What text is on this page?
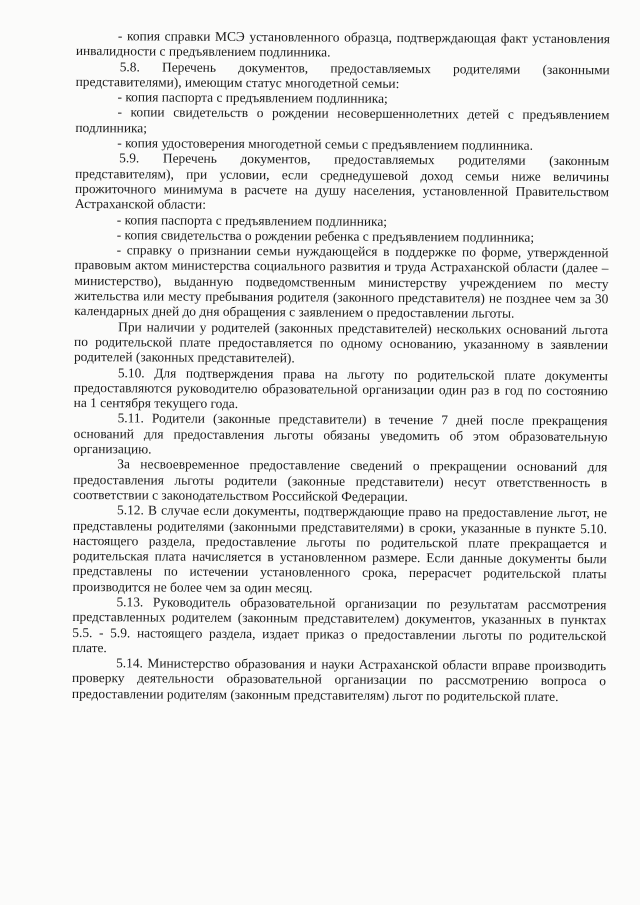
- копия справки МСЭ установленного образца, подтверждающая факт установления инвалидности с предъявлением подлинника.

5.8. Перечень документов, предоставляемых родителями (законными представителями), имеющим статус многодетной семьи:

- копия паспорта с предъявлением подлинника;

- копии свидетельств о рождении несовершеннолетних детей с предъявлением подлинника;

- копия удостоверения многодетной семьи с предъявлением подлинника.

5.9. Перечень документов, предоставляемых родителями (законным представителям), при условии, если среднедушевой доход семьи ниже величины прожиточного минимума в расчете на душу населения, установленной Правительством Астраханской области:

- копия паспорта с предъявлением подлинника;

- копия свидетельства о рождении ребенка с предъявлением подлинника;

- справку о признании семьи нуждающейся в поддержке по форме, утвержденной правовым актом министерства социального развития и труда Астраханской области (далее – министерство), выданную подведомственным министерству учреждением по месту жительства или месту пребывания родителя (законного представителя) не позднее чем за 30 календарных дней до дня обращения с заявлением о предоставлении льготы.

При наличии у родителей (законных представителей) нескольких оснований льгота по родительской плате предоставляется по одному основанию, указанному в заявлении родителей (законных представителей).

5.10. Для подтверждения права на льготу по родительской плате документы предоставляются руководителю образовательной организации один раз в год по состоянию на 1 сентября текущего года.

5.11. Родители (законные представители) в течение 7 дней после прекращения оснований для предоставления льготы обязаны уведомить об этом образовательную организацию.

За несвоевременное предоставление сведений о прекращении оснований для предоставления льготы родители (законные представители) несут ответственность в соответствии с законодательством Российской Федерации.

5.12. В случае если документы, подтверждающие право на предоставление льгот, не представлены родителями (законными представителями) в сроки, указанные в пункте 5.10. настоящего раздела, предоставление льготы по родительской плате прекращается и родительская плата начисляется в установленном размере. Если данные документы были представлены по истечении установленного срока, перерасчет родительской платы производится не более чем за один месяц.

5.13. Руководитель образовательной организации по результатам рассмотрения представленных родителем (законным представителем) документов, указанных в пунктах 5.5. - 5.9. настоящего раздела, издает приказ о предоставлении льготы по родительской плате.

5.14. Министерство образования и науки Астраханской области вправе производить проверку деятельности образовательной организации по рассмотрению вопроса о предоставлении родителям (законным представителям) льгот по родительской плате.
